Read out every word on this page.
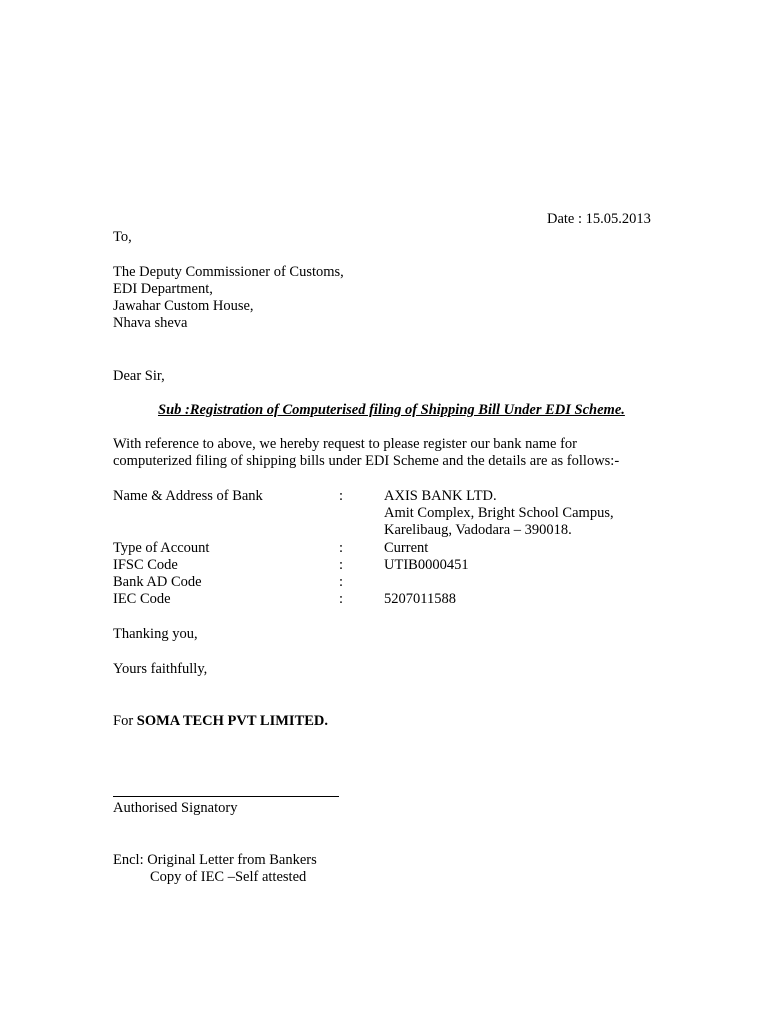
Date : 15.05.2013
To,
The Deputy Commissioner of Customs,
EDI Department,
Jawahar Custom House,
Nhava sheva
Dear Sir,
Sub :Registration of Computerised filing of Shipping Bill Under EDI Scheme.
With reference to above, we hereby request to please register our bank name for
computerized filing of shipping bills under EDI Scheme and the details are as follows:-
Name & Address of Bank	:	AXIS BANK LTD.
Amit Complex, Bright School Campus,
Karelibaug, Vadodara – 390018.
Type of Account	:	Current
IFSC Code	:	UTIB0000451
Bank AD Code	:
IEC Code	:	5207011588
Thanking you,
Yours faithfully,
For SOMA TECH PVT LIMITED.
Authorised Signatory
Encl: Original Letter from Bankers
Copy of IEC –Self attested
